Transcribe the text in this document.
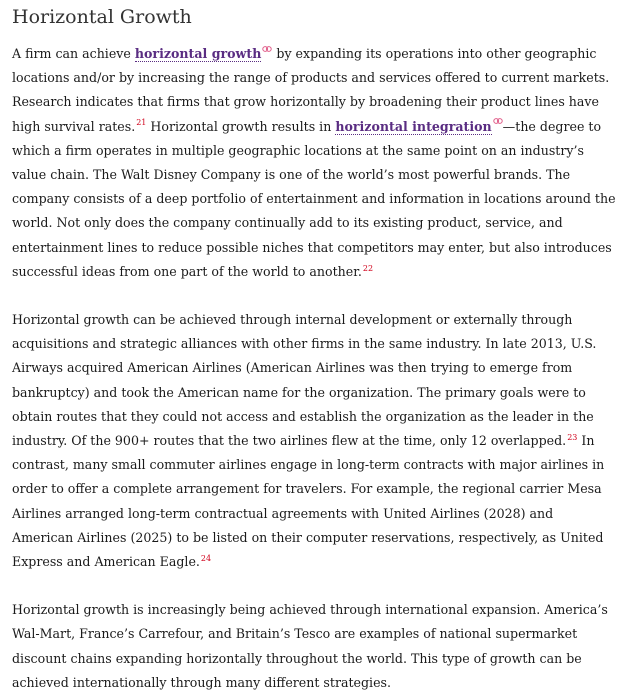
Horizontal Growth

A firm can achieve horizontal growth
by expanding its operations into other geographic locations and/or by increasing the range of products and services offered to current markets. Research indicates that firms that grow horizontally by broadening their product lines have high survival rates.$^{21}$ Horizontal growth results in horizontal integration —the degree to which a firm operates in multiple geographic locations at the same point on an industry’s value chain. The Walt Disney Company is one of the world’s most powerful brands. The company consists of a deep portfolio of entertainment and information in locations around the world. Not only does the company continually add to its existing product, service, and entertainment lines to reduce possible niches that competitors may enter, but also introduces successful ideas from one part of the world to another.$^{22}$

Horizontal growth can be achieved through internal development or externally through acquisitions and strategic alliances with other firms in the same industry. In late 2013, U.S. Airways acquired American Airlines (American Airlines was then trying to emerge from bankruptcy) and took the American name for the organization. The primary goals were to obtain routes that they could not access and establish the organization as the leader in the industry. Of the 900+ routes that the two airlines flew at the time, only 12 overlapped.$^{23}$ In contrast, many small commuter airlines engage in long-term contracts with major airlines in order to offer a complete arrangement for travelers. For example, the regional carrier Mesa Airlines arranged long-term contractual agreements with United Airlines (2028) and American Airlines (2025) to be listed on their computer reservations, respectively, as United Express and American Eagle.$^{24}$

Horizontal growth is increasingly being achieved through international expansion. America’s Wal-Mart, France’s Carrefour, and Britain’s Tesco are examples of national supermarket discount chains expanding horizontally throughout the world. This type of growth can be achieved internationally through many different strategies.
